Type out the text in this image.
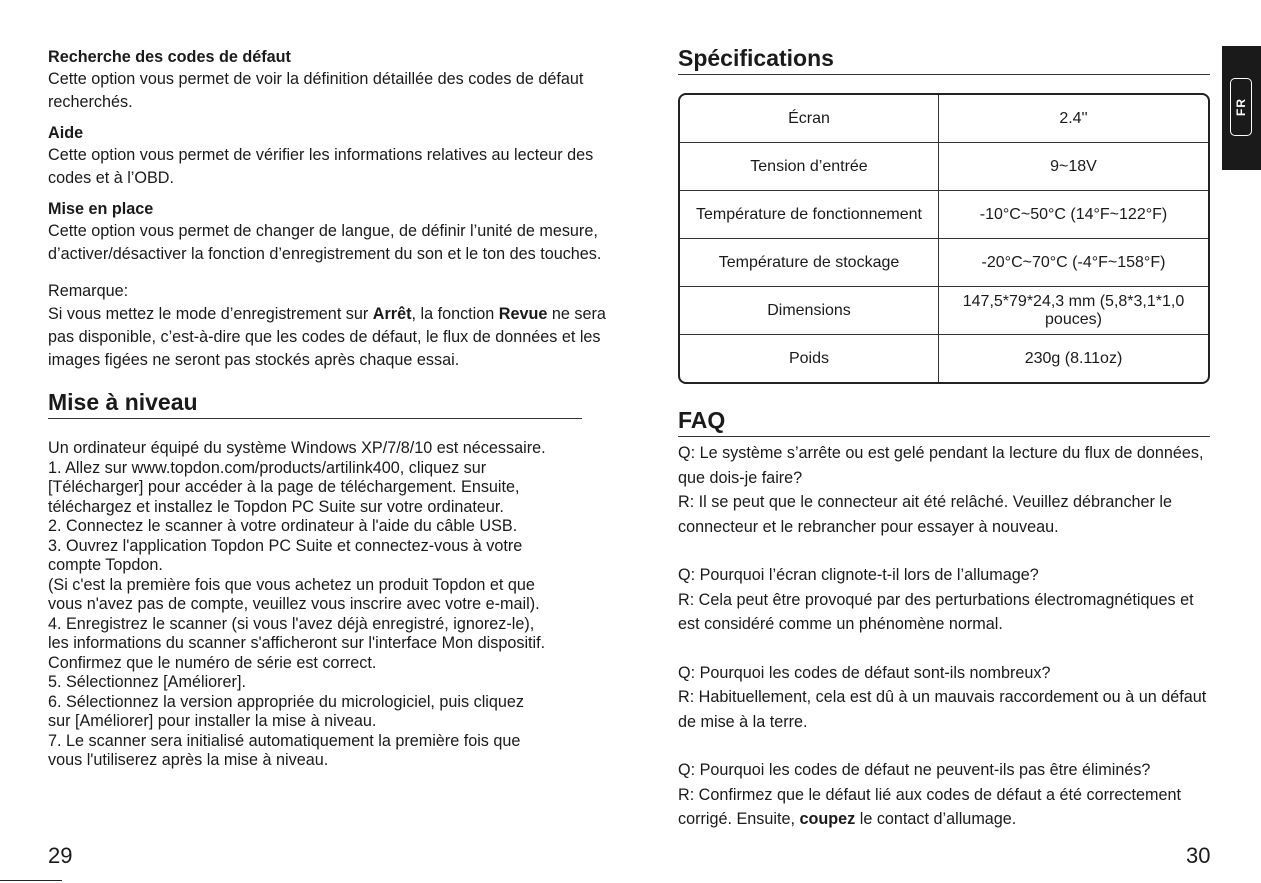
Recherche des codes de défaut

Cette option vous permet de voir la définition détaillée des codes de défaut recherchés.

Aide

Cette option vous permet de vérifier les informations relatives au lecteur des codes et à l’OBD.

Mise en place

Cette option vous permet de changer de langue, de définir l’unité de mesure, d’activer/désactiver la fonction d’enregistrement du son et le ton des touches.

Remarque:

Si vous mettez le mode d’enregistrement sur Arrêt, la fonction Revue ne sera pas disponible, c’est-à-dire que les codes de défaut, le flux de données et les images figées ne seront pas stockés après chaque essai.

Mise à niveau

Un ordinateur équipé du système Windows XP/7/8/10 est nécessaire.

1. Allez sur www.topdon.com/products/artilink400, cliquez sur

[Télécharger] pour accéder à la page de téléchargement. Ensuite,

téléchargez et installez le Topdon PC Suite sur votre ordinateur.

2. Connectez le scanner à votre ordinateur à l'aide du câble USB.

3. Ouvrez l'application Topdon PC Suite et connectez-vous à votre

compte Topdon.

(Si c'est la première fois que vous achetez un produit Topdon et que

vous n'avez pas de compte, veuillez vous inscrire avec votre e-mail).

4. Enregistrez le scanner (si vous l'avez déjà enregistré, ignorez-le),

les informations du scanner s'afficheront sur l'interface Mon dispositif.

Confirmez que le numéro de série est correct.

5. Sélectionnez [Améliorer].

6. Sélectionnez la version appropriée du micrologiciel, puis cliquez

sur [Améliorer] pour installer la mise à niveau.

7. Le scanner sera initialisé automatiquement la première fois que

vous l'utiliserez après la mise à niveau.

29

Spécifications

Écran	2.4''
Tension d’entrée	9~18V
Température de fonctionnement	-10°C~50°C (14°F~122°F)
Température de stockage	-20°C~70°C (-4°F~158°F)
Dimensions	147,5*79*24,3 mm (5,8*3,1*1,0 pouces)
Poids	230g (8.11oz)

FAQ

Q: Le système s’arrête ou est gelé pendant la lecture du flux de données, que dois-je faire?

R: Il se peut que le connecteur ait été relâché. Veuillez débrancher le connecteur et le rebrancher pour essayer à nouveau.

Q: Pourquoi l’écran clignote-t-il lors de l’allumage?

R: Cela peut être provoqué par des perturbations électromagnétiques et est considéré comme un phénomène normal.

Q: Pourquoi les codes de défaut sont-ils nombreux?

R: Habituellement, cela est dû à un mauvais raccordement ou à un défaut de mise à la terre.

Q: Pourquoi les codes de défaut ne peuvent-ils pas être éliminés?

R: Confirmez que le défaut lié aux codes de défaut a été correctement corrigé. Ensuite, coupez le contact d’allumage.

30
FR
